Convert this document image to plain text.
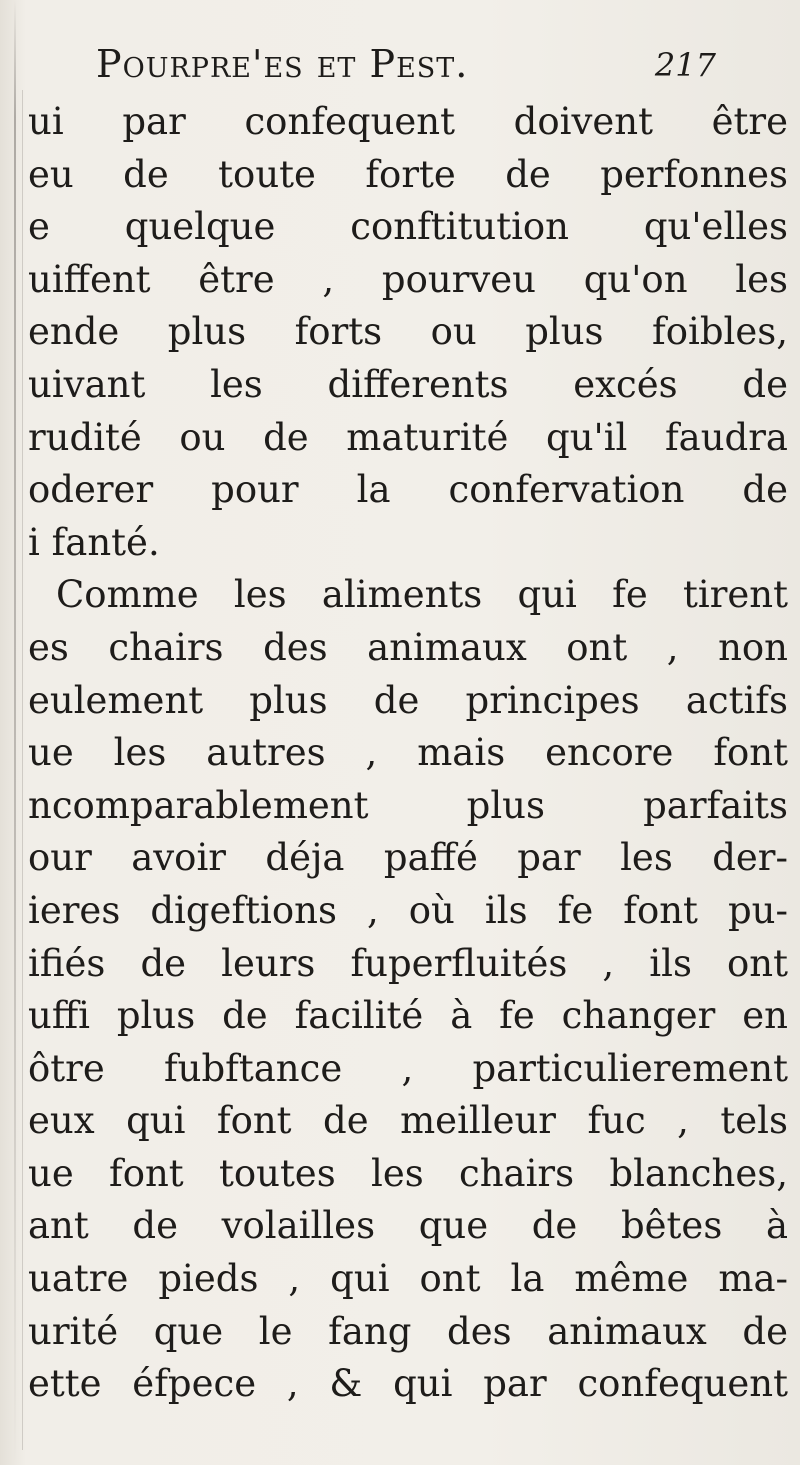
Pourpre'es et Pest.	217
ui par confequent doivent être
eu de toute forte de perfonnes
e quelque conftitution qu'elles
uiffent être , pourveu qu'on les
ende plus forts ou plus foibles,
uivant les differents excés de
rudité ou de maturité qu'il faudra
oderer pour la confervation de
i fanté.
Comme les aliments qui fe tirent
es chairs des animaux ont , non
eulement plus de principes actifs
ue les autres , mais encore font
ncomparablement plus parfaits
our avoir déja paffé par les der-
ieres digeftions , où ils fe font pu-
ifiés de leurs fuperfluités , ils ont
uffi plus de facilité à fe changer en
ôtre fubftance , particulierement
eux qui font de meilleur fuc , tels
ue font toutes les chairs blanches,
ant de volailles que de bêtes à
uatre pieds , qui ont la même ma-
urité que le fang des animaux de
ette éfpece , & qui par confequent
